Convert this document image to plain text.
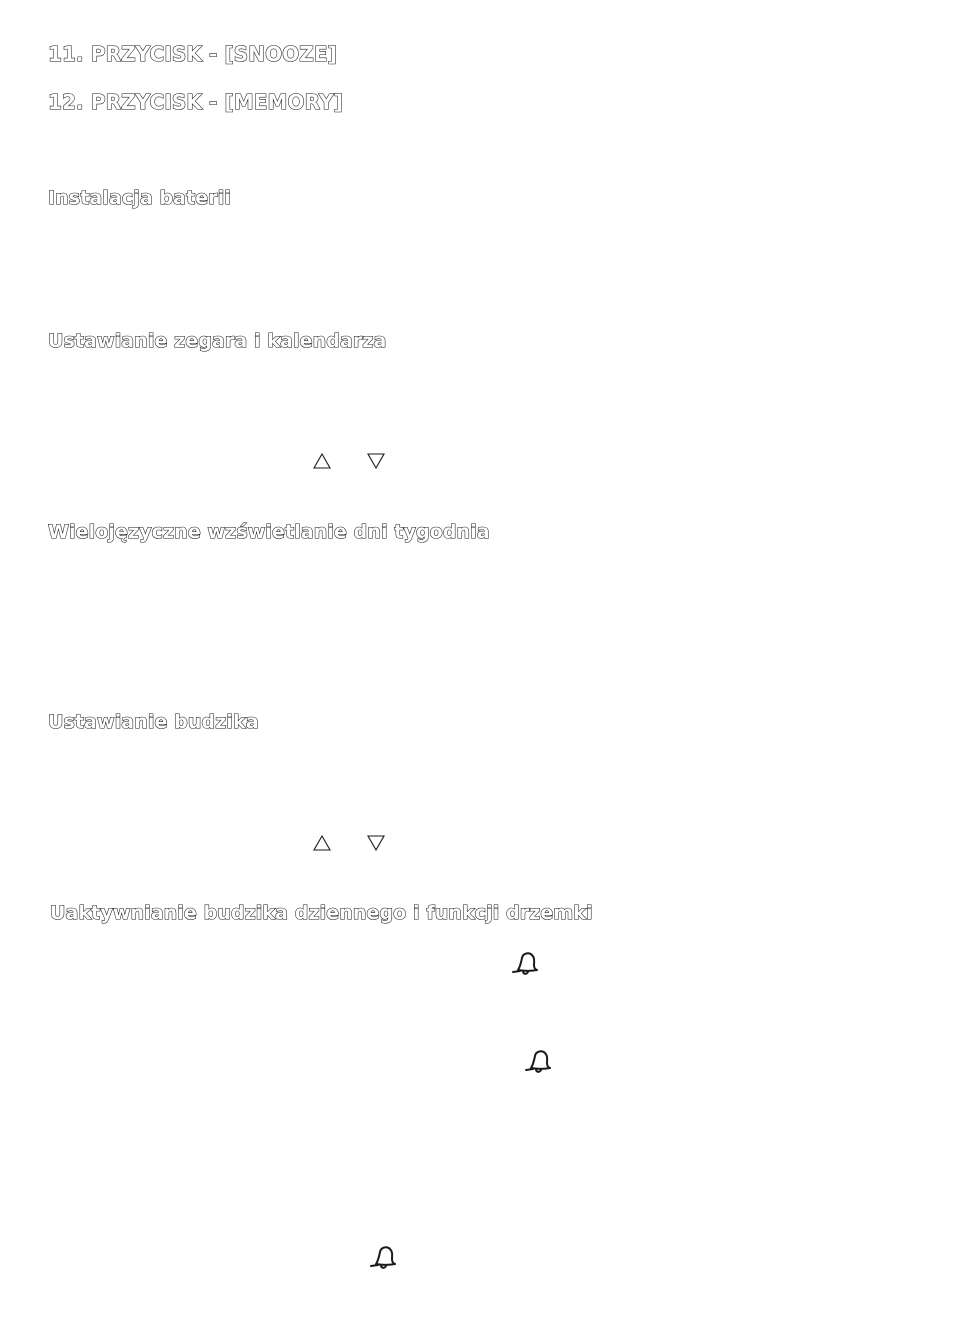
11. PRZYCISK - [SNOOZE]
12. PRZYCISK - [MEMORY]
Instalacja baterii
Ustawianie zegara i kalendarza
Wielojęzyczne wzświetlanie dni tygodnia
Ustawianie budzika
Uaktywnianie budzika dziennego i funkcji drzemki
